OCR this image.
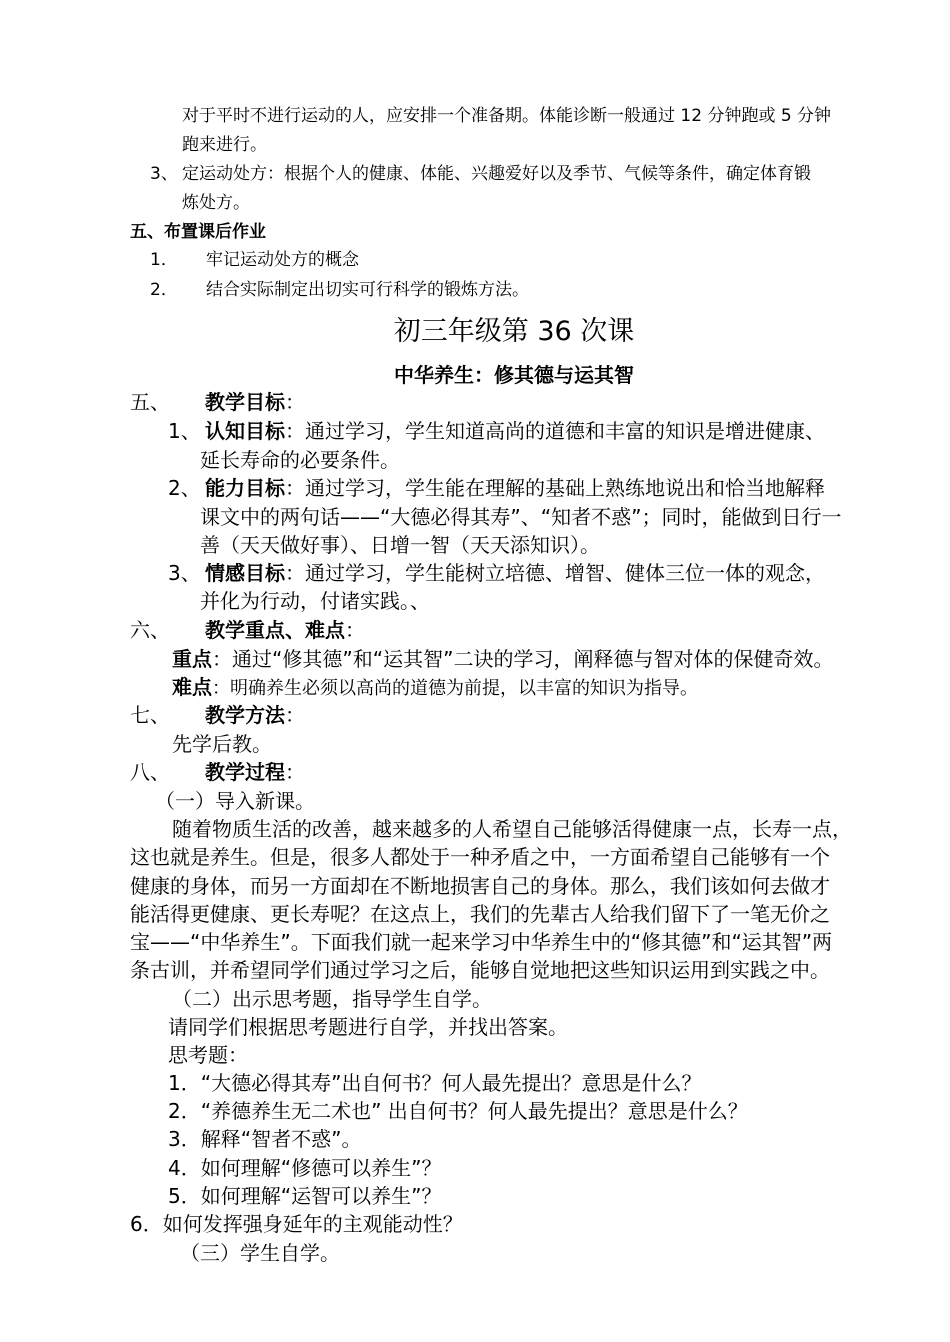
对于平时不进行运动的人，应安排一个准备期。体能诊断一般通过 12 分钟跑或 5 分钟
跑来进行。
3、 定运动处方：根据个人的健康、体能、兴趣爱好以及季节、气候等条件，确定体育锻
炼处方。
五、布置课后作业
1． 牢记运动处方的概念
2． 结合实际制定出切实可行科学的锻炼方法。
初三年级第 36 次课
中华养生：修其德与运其智
五、 教学目标：
1、 认知目标：通过学习，学生知道高尚的道德和丰富的知识是增进健康、
延长寿命的必要条件。
2、 能力目标：通过学习，学生能在理解的基础上熟练地说出和恰当地解释
课文中的两句话——“大德必得其寿”、“知者不惑”；同时，能做到日行一
善（天天做好事）、日增一智（天天添知识）。
3、 情感目标：通过学习，学生能树立培德、增智、健体三位一体的观念，
并化为行动，付诸实践。、
六、 教学重点、难点：
重点：通过“修其德”和“运其智”二诀的学习，阐释德与智对体的保健奇效。
难点：明确养生必须以高尚的道德为前提，以丰富的知识为指导。
七、 教学方法：
先学后教。
八、 教学过程：
（一）导入新课。
随着物质生活的改善，越来越多的人希望自己能够活得健康一点，长寿一点，
这也就是养生。但是，很多人都处于一种矛盾之中，一方面希望自己能够有一个
健康的身体，而另一方面却在不断地损害自己的身体。那么，我们该如何去做才
能活得更健康、更长寿呢？在这点上，我们的先辈古人给我们留下了一笔无价之
宝——“中华养生”。下面我们就一起来学习中华养生中的“修其德”和“运其智”两
条古训，并希望同学们通过学习之后，能够自觉地把这些知识运用到实践之中。
（二）出示思考题，指导学生自学。
请同学们根据思考题进行自学，并找出答案。
思考题：
1．“大德必得其寿”出自何书？何人最先提出？意思是什么？
2．“养德养生无二术也” 出自何书？何人最先提出？意思是什么？
3．解释“智者不惑”。
4．如何理解“修德可以养生”？
5．如何理解“运智可以养生”？
6．如何发挥强身延年的主观能动性？
（三）学生自学。
